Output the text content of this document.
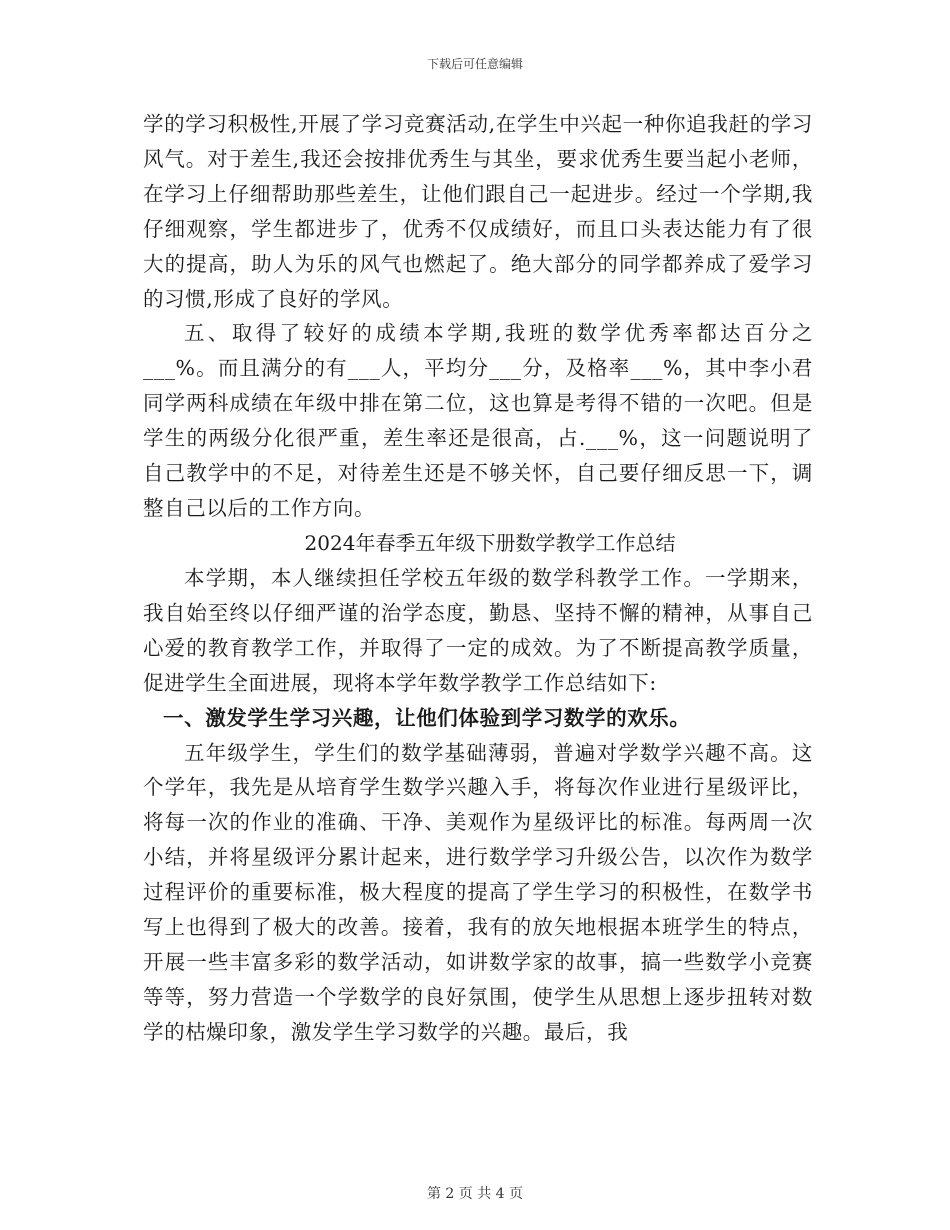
下载后可任意编辑

学的学习积极性,开展了学习竞赛活动,在学生中兴起一种你追我赶的学习风气。对于差生,我还会按排优秀生与其坐，要求优秀生要当起小老师，在学习上仔细帮助那些差生，让他们跟自己一起进步。经过一个学期,我仔细观察，学生都进步了，优秀不仅成绩好，而且口头表达能力有了很大的提高，助人为乐的风气也燃起了。绝大部分的同学都养成了爱学习的习惯,形成了良好的学风。

五、取得了较好的成绩本学期,我班的数学优秀率都达百分之___%。而且满分的有___人，平均分___分，及格率___%，其中李小君同学两科成绩在年级中排在第二位，这也算是考得不错的一次吧。但是学生的两级分化很严重，差生率还是很高，占.___%，这一问题说明了自己教学中的不足，对待差生还是不够关怀，自己要仔细反思一下，调整自己以后的工作方向。

2024年春季五年级下册数学教学工作总结

本学期，本人继续担任学校五年级的数学科教学工作。一学期来，我自始至终以仔细严谨的治学态度，勤恳、坚持不懈的精神，从事自己心爱的教育教学工作，并取得了一定的成效。为了不断提高教学质量，促进学生全面进展，现将本学年数学教学工作总结如下:

一、激发学生学习兴趣，让他们体验到学习数学的欢乐。

五年级学生，学生们的数学基础薄弱，普遍对学数学兴趣不高。这个学年，我先是从培育学生数学兴趣入手，将每次作业进行星级评比，将每一次的作业的准确、干净、美观作为星级评比的标准。每两周一次小结，并将星级评分累计起来，进行数学学习升级公告，以次作为数学过程评价的重要标准，极大程度的提高了学生学习的积极性，在数学书写上也得到了极大的改善。接着，我有的放矢地根据本班学生的特点，开展一些丰富多彩的数学活动，如讲数学家的故事，搞一些数学小竞赛等等，努力营造一个学数学的良好氛围，使学生从思想上逐步扭转对数学的枯燥印象，激发学生学习数学的兴趣。最后，我

第 2 页 共 4 页
